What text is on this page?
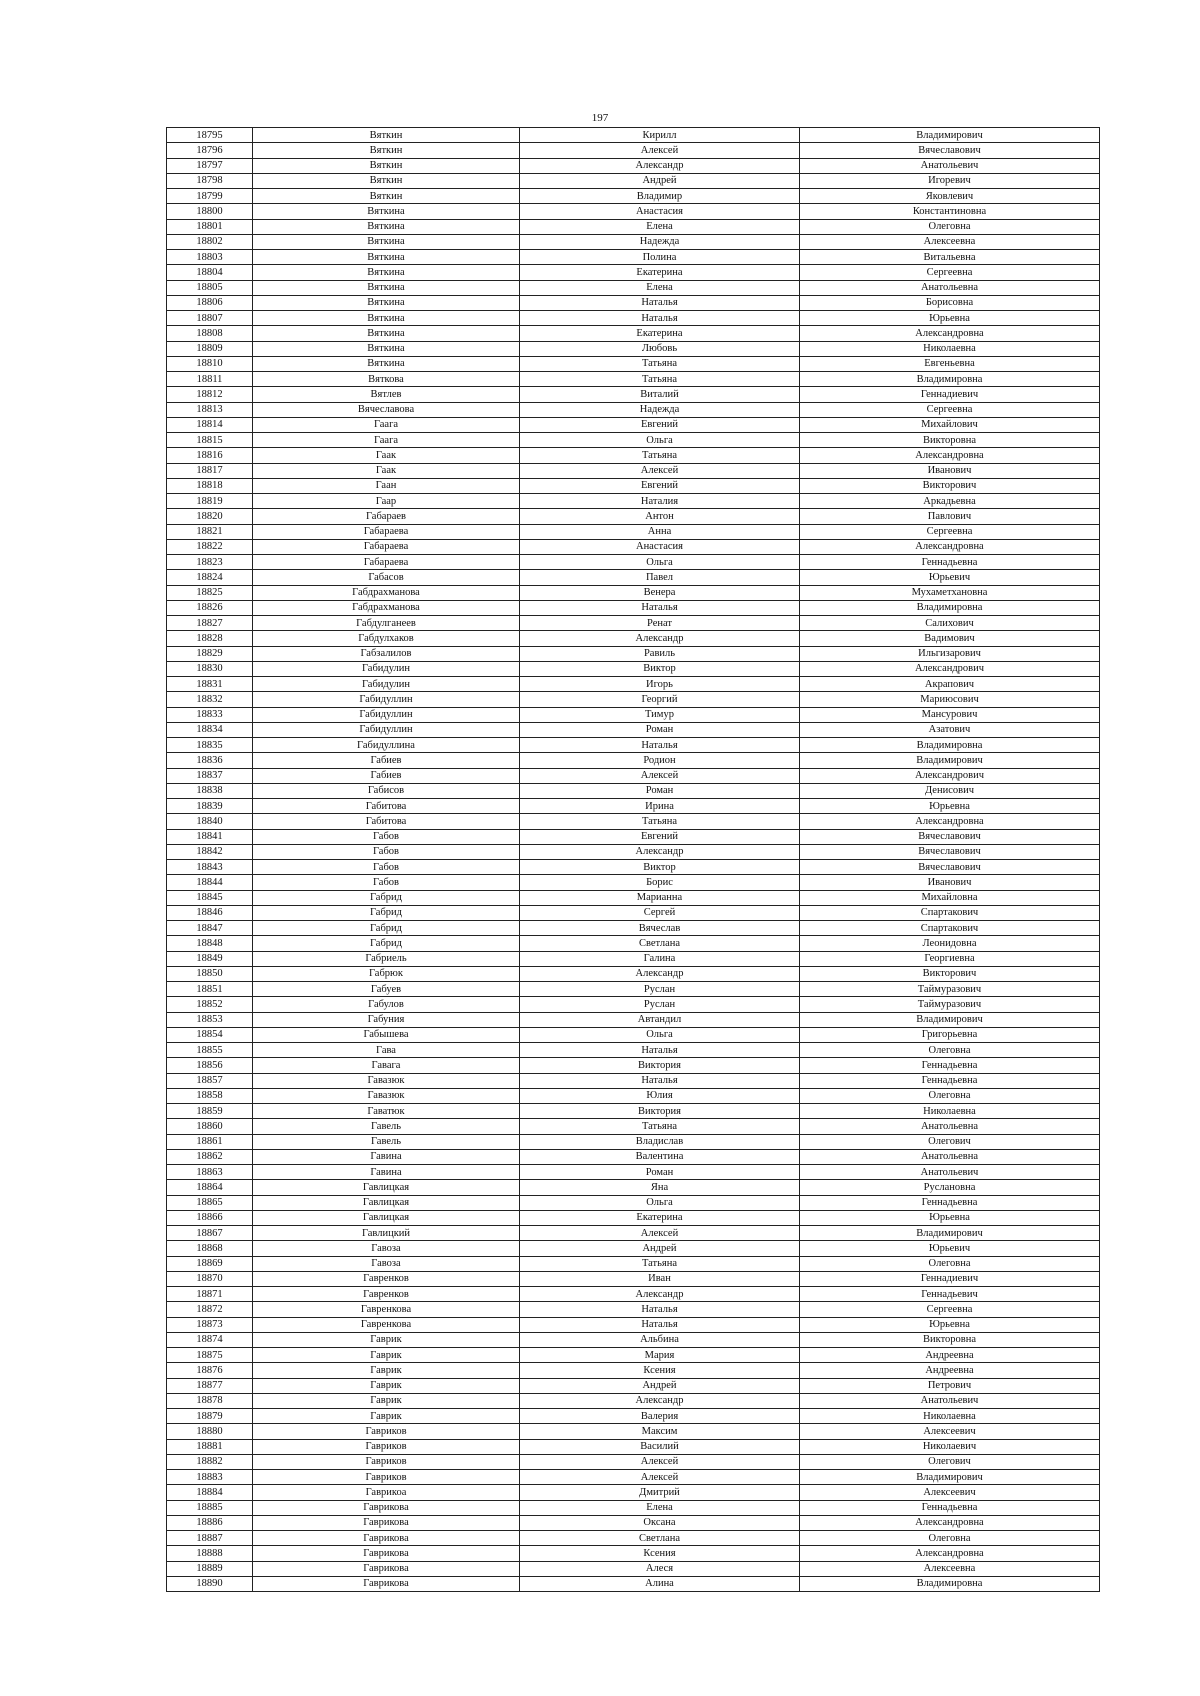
197
18795	Вяткин	Кирилл	Владимирович
18796	Вяткин	Алексей	Вячеславович
18797	Вяткин	Александр	Анатольевич
18798	Вяткин	Андрей	Игоревич
18799	Вяткин	Владимир	Яковлевич
18800	Вяткина	Анастасия	Константиновна
18801	Вяткина	Елена	Олеговна
18802	Вяткина	Надежда	Алексеевна
18803	Вяткина	Полина	Витальевна
18804	Вяткина	Екатерина	Сергеевна
18805	Вяткина	Елена	Анатольевна
18806	Вяткина	Наталья	Борисовна
18807	Вяткина	Наталья	Юрьевна
18808	Вяткина	Екатерина	Александровна
18809	Вяткина	Любовь	Николаевна
18810	Вяткина	Татьяна	Евгеньевна
18811	Вяткова	Татьяна	Владимировна
18812	Вятлев	Виталий	Геннадиевич
18813	Вячеславова	Надежда	Сергеевна
18814	Гаага	Евгений	Михайлович
18815	Гаага	Ольга	Викторовна
18816	Гаак	Татьяна	Александровна
18817	Гаак	Алексей	Иванович
18818	Гаан	Евгений	Викторович
18819	Гаар	Наталия	Аркадьевна
18820	Габараев	Антон	Павлович
18821	Габараева	Анна	Сергеевна
18822	Габараева	Анастасия	Александровна
18823	Габараева	Ольга	Геннадьевна
18824	Габасов	Павел	Юрьевич
18825	Габдрахманова	Венера	Мухаметхановна
18826	Габдрахманова	Наталья	Владимировна
18827	Габдулганеев	Ренат	Салихович
18828	Габдулхаков	Александр	Вадимович
18829	Габзалилов	Равиль	Ильгизарович
18830	Габидулин	Виктор	Александрович
18831	Габидулин	Игорь	Акрапович
18832	Габидуллин	Георгий	Мариюсович
18833	Габидуллин	Тимур	Мансурович
18834	Габидуллин	Роман	Азатович
18835	Габидуллина	Наталья	Владимировна
18836	Габиев	Родион	Владимирович
18837	Габиев	Алексей	Александрович
18838	Габисов	Роман	Денисович
18839	Габитова	Ирина	Юрьевна
18840	Габитова	Татьяна	Александровна
18841	Габов	Евгений	Вячеславович
18842	Габов	Александр	Вячеславович
18843	Габов	Виктор	Вячеславович
18844	Габов	Борис	Иванович
18845	Габрид	Марианна	Михайловна
18846	Габрид	Сергей	Спартакович
18847	Габрид	Вячеслав	Спартакович
18848	Габрид	Светлана	Леонидовна
18849	Габриель	Галина	Георгиевна
18850	Габрюк	Александр	Викторович
18851	Габуев	Руслан	Таймуразович
18852	Габулов	Руслан	Таймуразович
18853	Габуния	Автандил	Владимирович
18854	Габышева	Ольга	Григорьевна
18855	Гава	Наталья	Олеговна
18856	Гавага	Виктория	Геннадьевна
18857	Гавазюк	Наталья	Геннадьевна
18858	Гавазюк	Юлия	Олеговна
18859	Гаватюк	Виктория	Николаевна
18860	Гавель	Татьяна	Анатольевна
18861	Гавель	Владислав	Олегович
18862	Гавина	Валентина	Анатольевна
18863	Гавина	Роман	Анатольевич
18864	Гавлицкая	Яна	Руслановна
18865	Гавлицкая	Ольга	Геннадьевна
18866	Гавлицкая	Екатерина	Юрьевна
18867	Гавлицкий	Алексей	Владимирович
18868	Гавоза	Андрей	Юрьевич
18869	Гавоза	Татьяна	Олеговна
18870	Гавренков	Иван	Геннадиевич
18871	Гавренков	Александр	Геннадьевич
18872	Гавренкова	Наталья	Сергеевна
18873	Гавренкова	Наталья	Юрьевна
18874	Гаврик	Альбина	Викторовна
18875	Гаврик	Мария	Андреевна
18876	Гаврик	Ксения	Андреевна
18877	Гаврик	Андрей	Петрович
18878	Гаврик	Александр	Анатольевич
18879	Гаврик	Валерия	Николаевна
18880	Гавриков	Максим	Алексеевич
18881	Гавриков	Василий	Николаевич
18882	Гавриков	Алексей	Олегович
18883	Гавриков	Алексей	Владимирович
18884	Гаврикоа	Дмитрий	Алексеевич
18885	Гаврикова	Елена	Геннадьевна
18886	Гаврикова	Оксана	Александровна
18887	Гаврикова	Светлана	Олеговна
18888	Гаврикова	Ксения	Александровна
18889	Гаврикова	Алеся	Алексеевна
18890	Гаврикова	Алина	Владимировна
